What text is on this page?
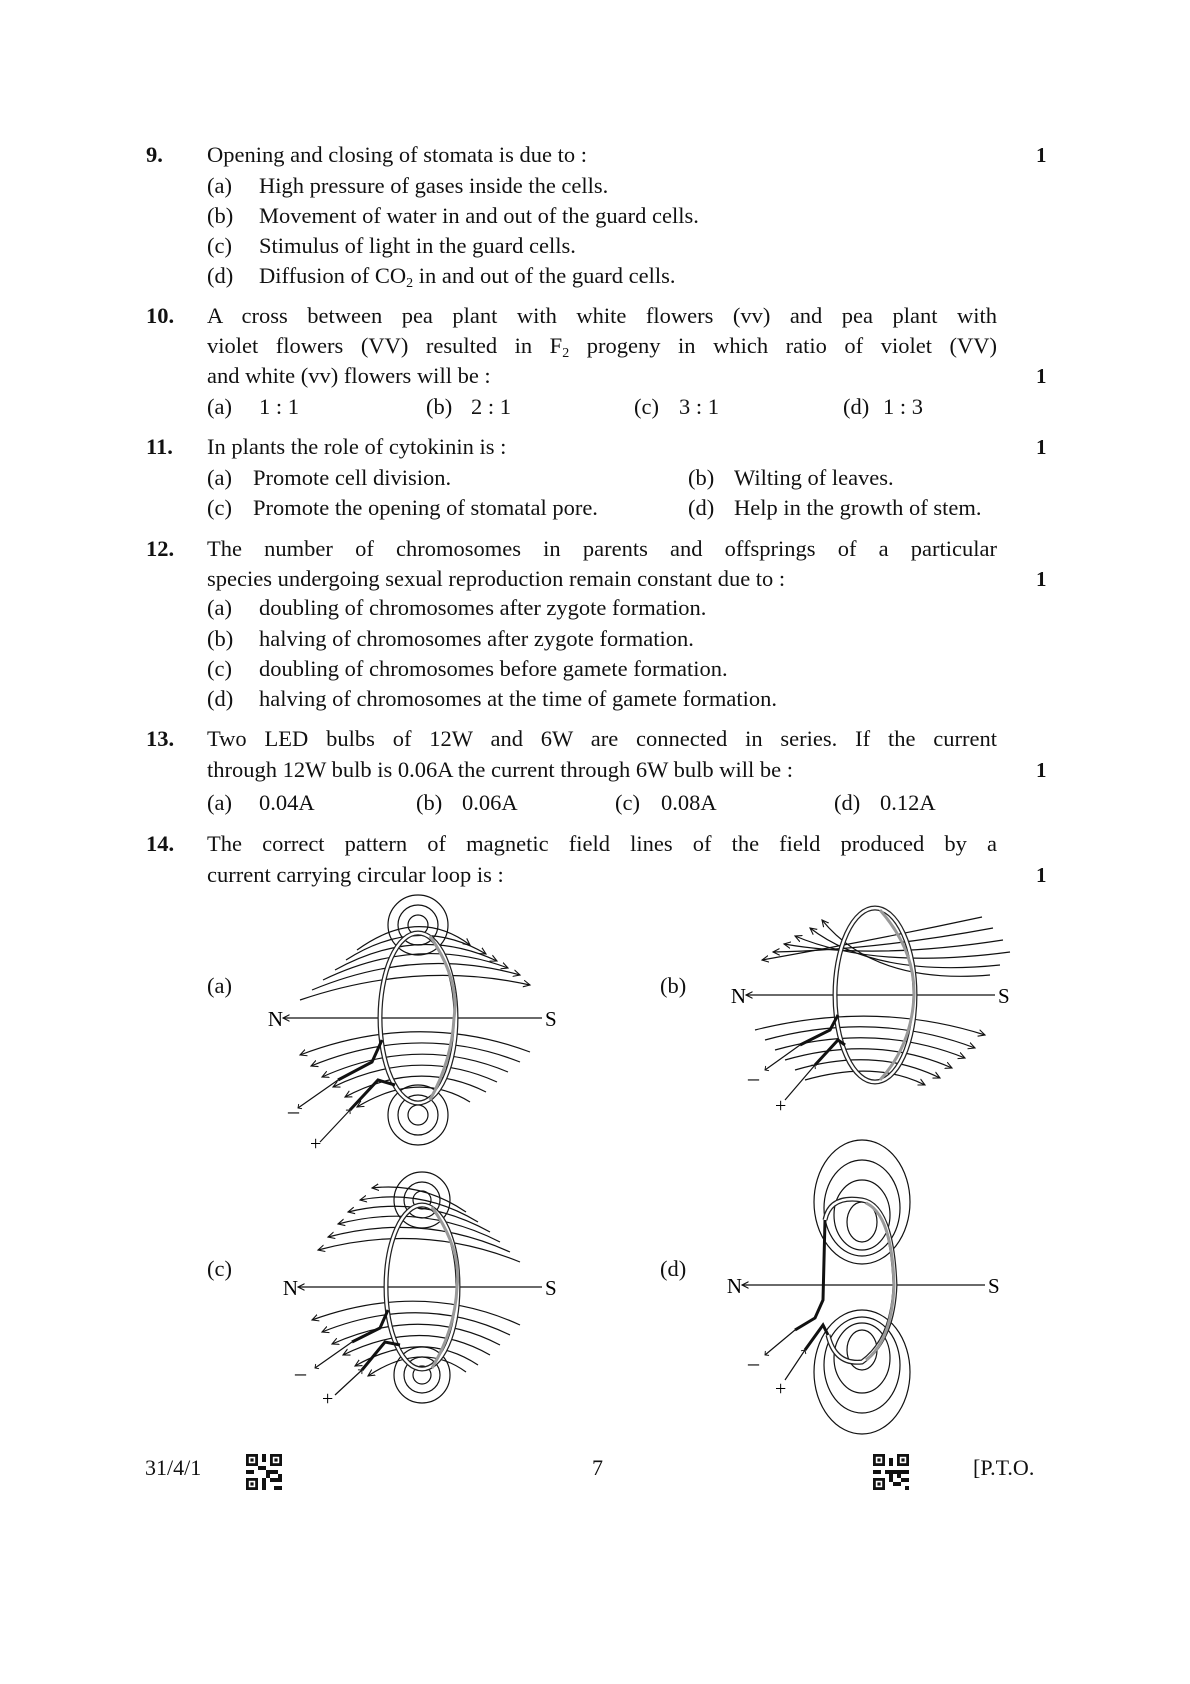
9. Opening and closing of stomata is due to :	1
(a) High pressure of gases inside the cells.
(b) Movement of water in and out of the guard cells.
(c) Stimulus of light in the guard cells.
(d) Diffusion of $CO_2$ in and out of the guard cells.
10. A cross between pea plant with white flowers (vv) and pea plant with
violet flowers (VV) resulted in $F_2$ progeny in which ratio of violet (VV)
and white (vv) flowers will be :	1
(a) 1 : 1	(b) 2 : 1	(c) 3 : 1	(d) 1 : 3
11. In plants the role of cytokinin is :	1
(a) Promote cell division.	(b) Wilting of leaves.
(c) Promote the opening of stomatal pore.	(d) Help in the growth of stem.
12. The number of chromosomes in parents and offsprings of a particular
species undergoing sexual reproduction remain constant due to :	1
(a) doubling of chromosomes after zygote formation.
(b) halving of chromosomes after zygote formation.
(c) doubling of chromosomes before gamete formation.
(d) halving of chromosomes at the time of gamete formation.
13. Two LED bulbs of 12W and 6W are connected in series. If the current
through 12W bulb is 0.06A the current through 6W bulb will be :	1
(a) 0.04A	(b) 0.06A	(c) 0.08A	(d) 0.12A
14. The correct pattern of magnetic field lines of the field produced by a
current carrying circular loop is :	1
(a)	(b)
(c)	(d)
N	S
–
+
N	S
–
+
N	S
–
+
N	S
–
+
31/4/1	7	[P.T.O.
